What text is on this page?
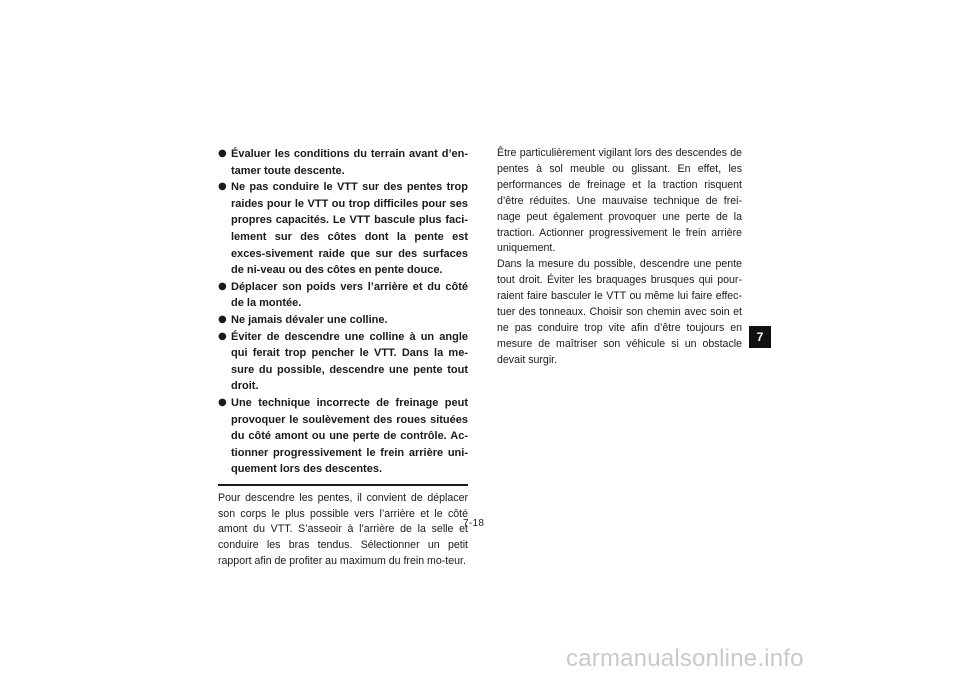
● Évaluer les conditions du terrain avant d’en-tamer toute descente.
● Ne pas conduire le VTT sur des pentes trop raides pour le VTT ou trop difficiles pour ses propres capacités. Le VTT bascule plus faci-lement sur des côtes dont la pente est exces-sivement raide que sur des surfaces de ni-veau ou des côtes en pente douce.
● Déplacer son poids vers l’arrière et du côté de la montée.
● Ne jamais dévaler une colline.
● Éviter de descendre une colline à un angle qui ferait trop pencher le VTT. Dans la me-sure du possible, descendre une pente tout droit.
● Une technique incorrecte de freinage peut provoquer le soulèvement des roues situées du côté amont ou une perte de contrôle. Ac-tionner progressivement le frein arrière uni-quement lors des descentes.

Pour descendre les pentes, il convient de déplacer son corps le plus possible vers l’arrière et le côté amont du VTT. S’asseoir à l’arrière de la selle et conduire les bras tendus. Sélectionner un petit rapport afin de profiter au maximum du frein mo-teur.

Être particulièrement vigilant lors des descendes de pentes à sol meuble ou glissant. En effet, les performances de freinage et la traction risquent d’être réduites. Une mauvaise technique de frei-nage peut également provoquer une perte de la traction. Actionner progressivement le frein arrière uniquement.

Dans la mesure du possible, descendre une pente tout droit. Éviter les braquages brusques qui pour-raient faire basculer le VTT ou même lui faire effec-tuer des tonneaux. Choisir son chemin avec soin et ne pas conduire trop vite afin d’être toujours en mesure de maîtriser son véhicule si un obstacle devait surgir.

7-18
7
carmanualsonline.info
